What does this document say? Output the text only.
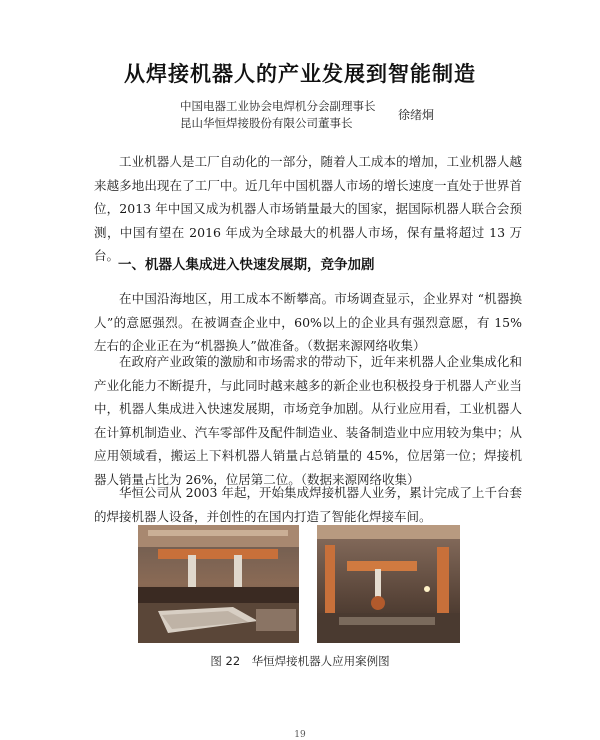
从焊接机器人的产业发展到智能制造
中国电器工业协会电焊机分会副理事长
昆山华恒焊接股份有限公司董事长
徐绪炯

工业机器人是工厂自动化的一部分，随着人工成本的增加，工业机器人越来越多地出现在了工厂中。近几年中国机器人市场的增长速度一直处于世界首位，2013 年中国又成为机器人市场销量最大的国家，据国际机器人联合会预测，中国有望在 2016 年成为全球最大的机器人市场，保有量将超过 13 万台。

一、机器人集成进入快速发展期，竞争加剧

在中国沿海地区，用工成本不断攀高。市场调查显示，企业界对 “机器换人”的意愿强烈。在被调查企业中，60%以上的企业具有强烈意愿，有 15%左右的企业正在为“机器换人”做准备。（数据来源网络收集）

在政府产业政策的激励和市场需求的带动下，近年来机器人企业集成化和产业化能力不断提升，与此同时越来越多的新企业也积极投身于机器人产业当中，机器人集成进入快速发展期，市场竞争加剧。从行业应用看，工业机器人在计算机制造业、汽车零部件及配件制造业、装备制造业中应用较为集中；从应用领域看，搬运上下料机器人销量占总销量的 45%，位居第一位；焊接机器人销量占比为 26%，位居第二位。（数据来源网络收集）

华恒公司从 2003 年起，开始集成焊接机器人业务，累计完成了上千台套的焊接机器人设备，并创性的在国内打造了智能化焊接车间。

图 22　华恒焊接机器人应用案例图
19
